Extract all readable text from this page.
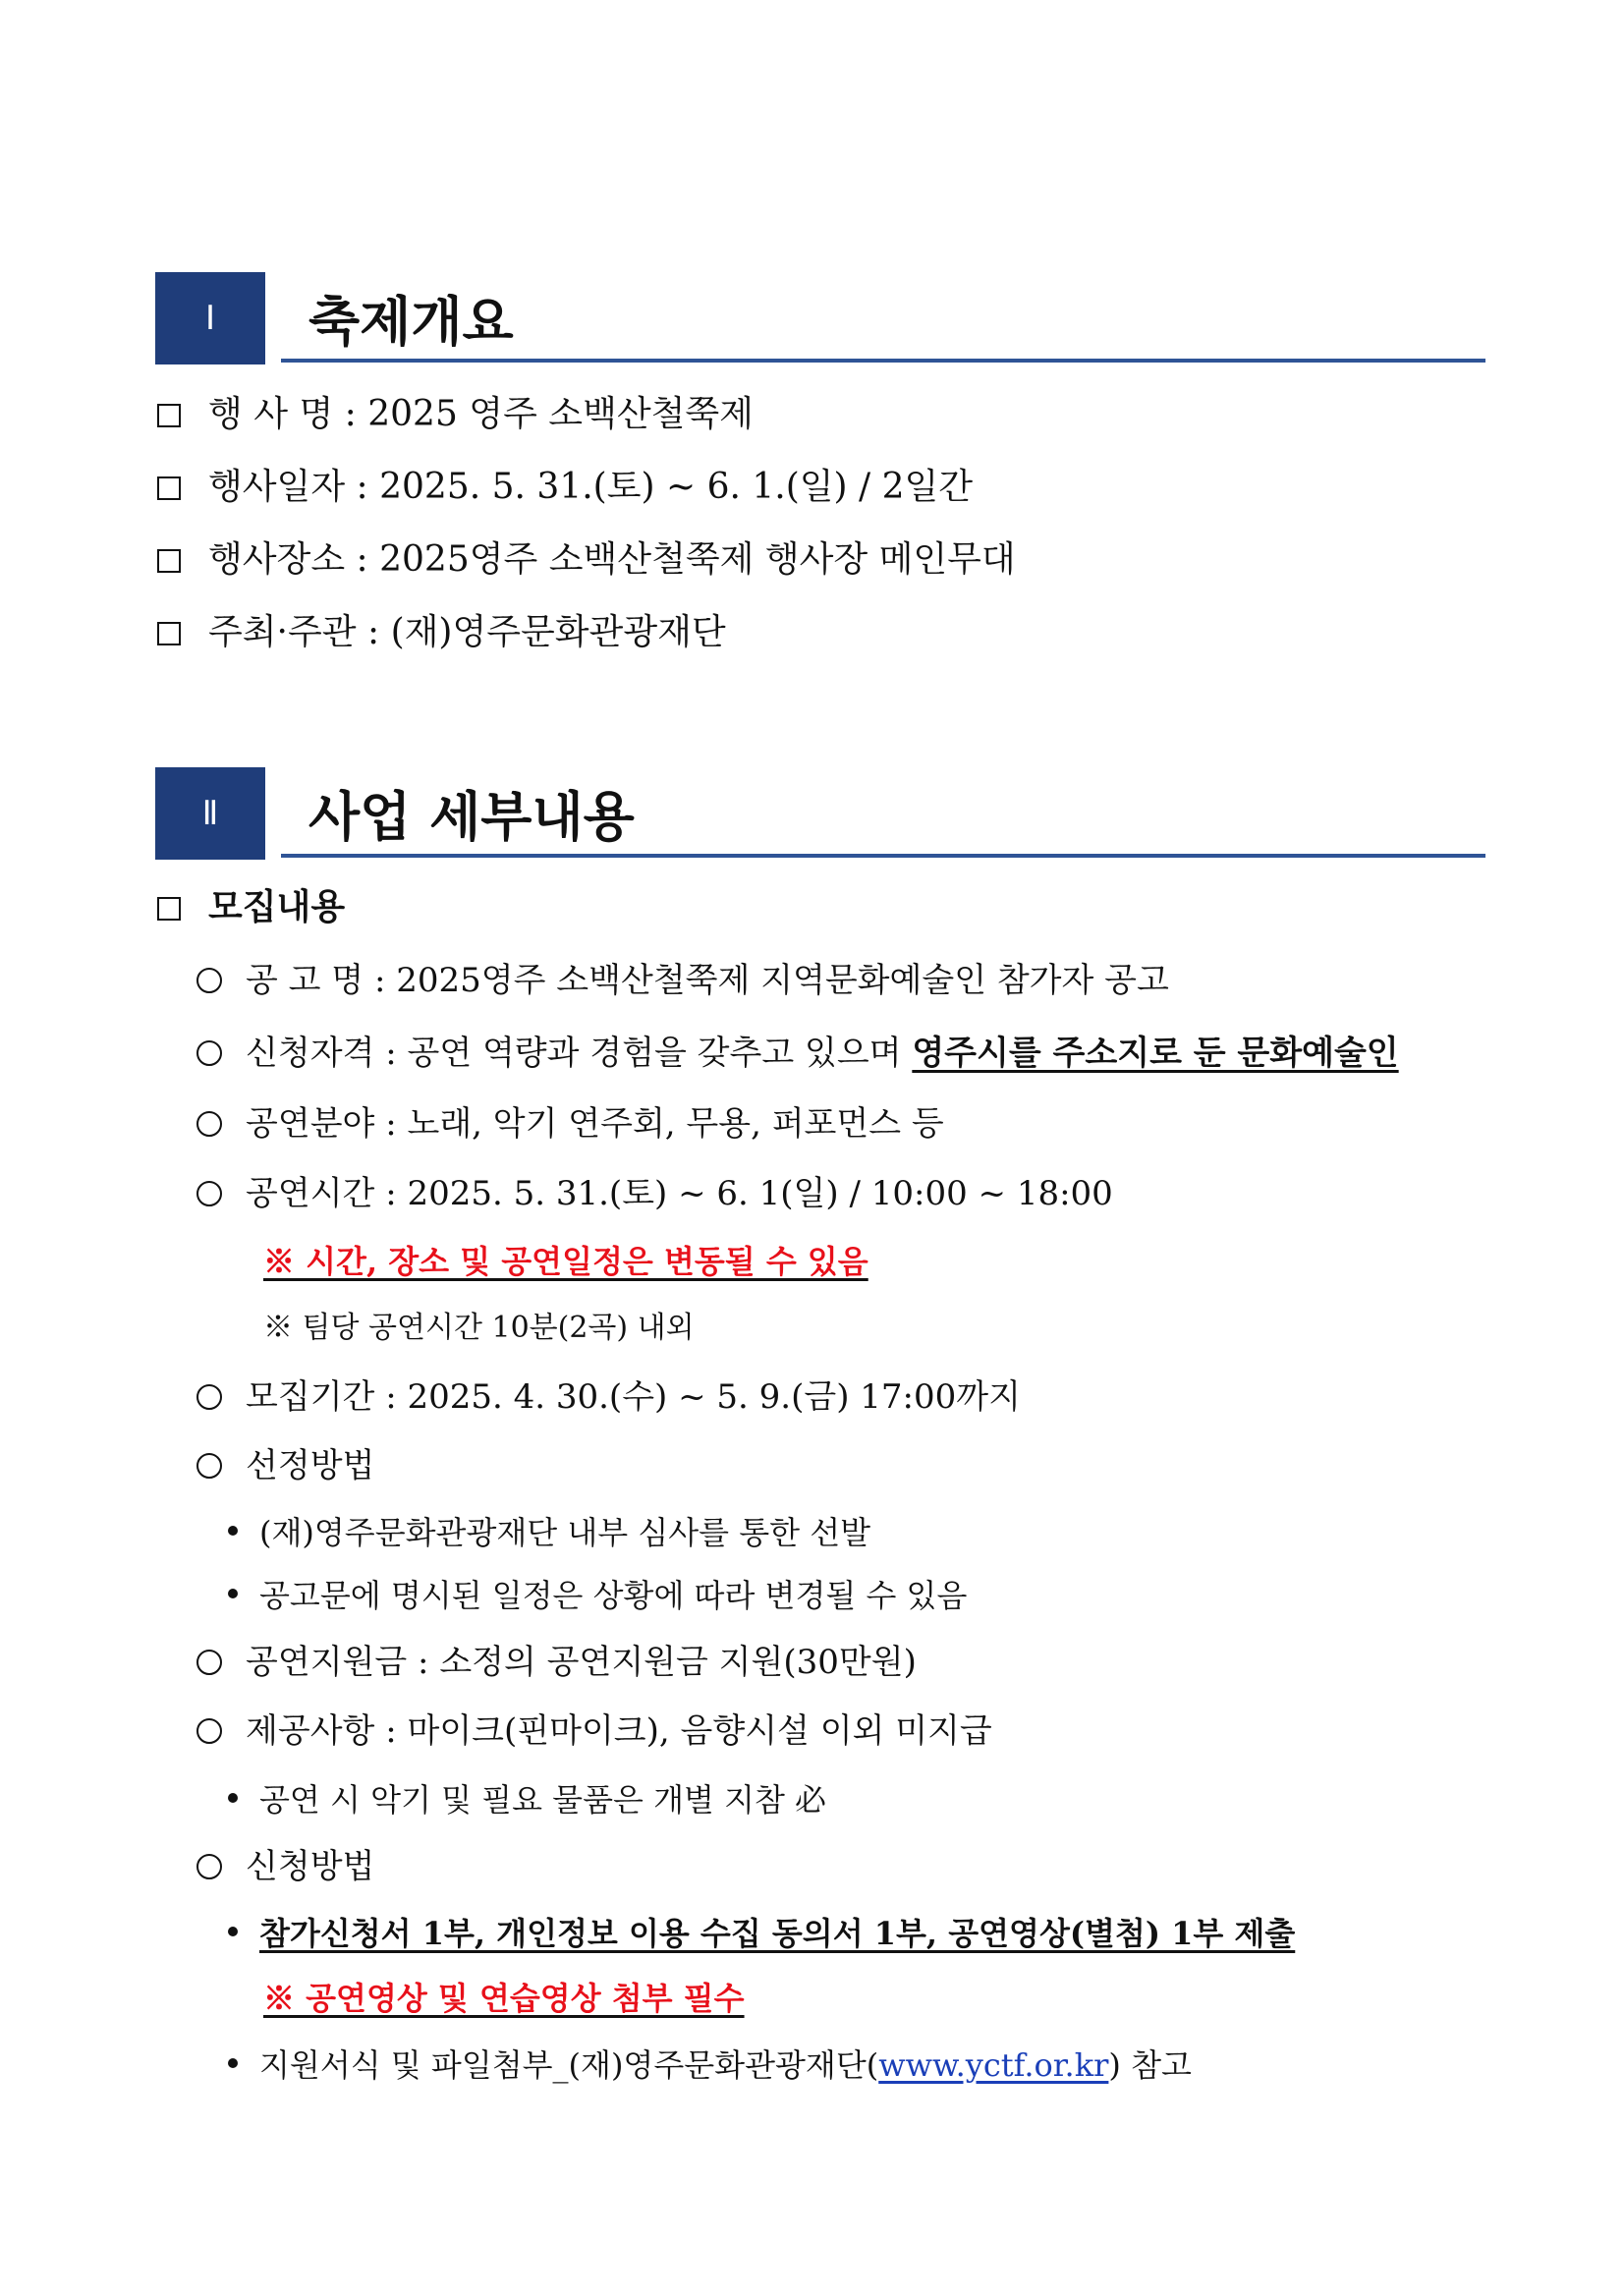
Ⅰ	축제개요
행 사 명 : 2025 영주 소백산철쭉제
행사일자 : 2025. 5. 31.(토) ~ 6. 1.(일) / 2일간
행사장소 : 2025영주 소백산철쭉제 행사장 메인무대
주최·주관 : (재)영주문화관광재단
Ⅱ	사업 세부내용
모집내용
공 고 명 : 2025영주 소백산철쭉제 지역문화예술인 참가자 공고
신청자격 : 공연 역량과 경험을 갖추고 있으며 영주시를 주소지로 둔 문화예술인
공연분야 : 노래, 악기 연주회, 무용, 퍼포먼스 등
공연시간 : 2025. 5. 31.(토) ~ 6. 1(일) / 10:00 ~ 18:00
※ 시간, 장소 및 공연일정은 변동될 수 있음
※ 팀당 공연시간 10분(2곡) 내외
모집기간 : 2025. 4. 30.(수) ~ 5. 9.(금) 17:00까지
선정방법
(재)영주문화관광재단 내부 심사를 통한 선발
공고문에 명시된 일정은 상황에 따라 변경될 수 있음
공연지원금 : 소정의 공연지원금 지원(30만원)
제공사항 : 마이크(핀마이크), 음향시설 이외 미지급
공연 시 악기 및 필요 물품은 개별 지참 必
신청방법
참가신청서 1부, 개인정보 이용 수집 동의서 1부, 공연영상(별첨) 1부 제출
※ 공연영상 및 연습영상 첨부 필수
지원서식 및 파일첨부_(재)영주문화관광재단(www.yctf.or.kr) 참고
